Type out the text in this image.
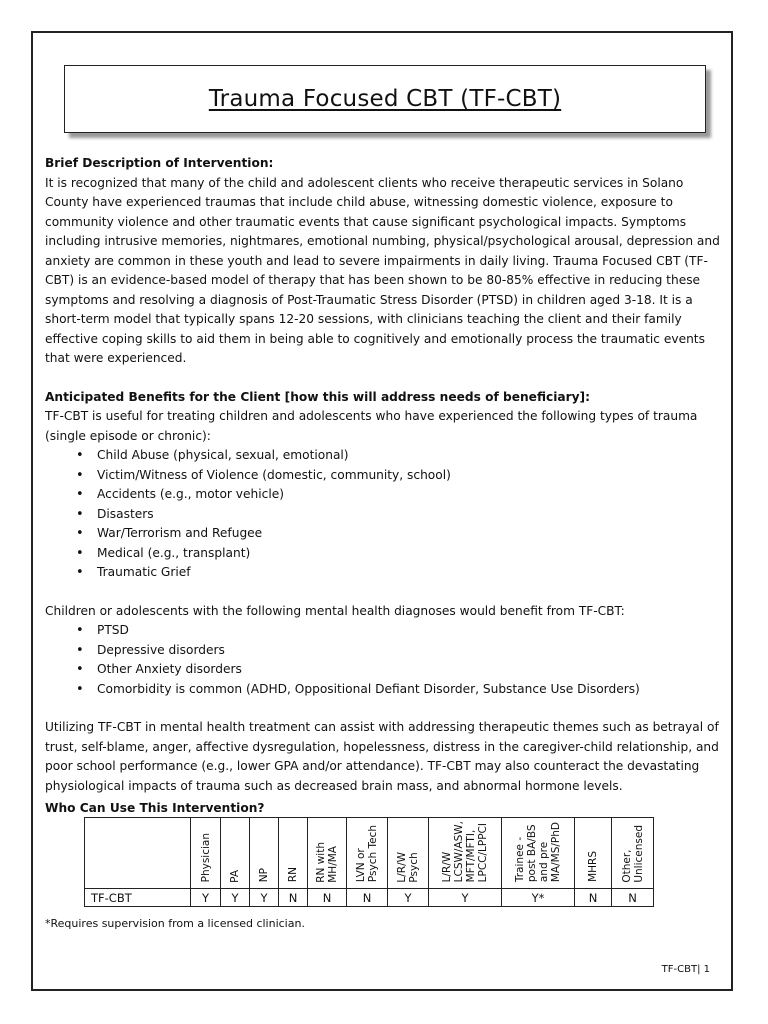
Trauma Focused CBT (TF-CBT)

Brief Description of Intervention:

It is recognized that many of the child and adolescent clients who receive therapeutic services in Solano County have experienced traumas that include child abuse, witnessing domestic violence, exposure to community violence and other traumatic events that cause significant psychological impacts. Symptoms including intrusive memories, nightmares, emotional numbing, physical/psychological arousal, depression and anxiety are common in these youth and lead to severe impairments in daily living. Trauma Focused CBT (TF-CBT) is an evidence-based model of therapy that has been shown to be 80-85% effective in reducing these symptoms and resolving a diagnosis of Post-Traumatic Stress Disorder (PTSD) in children aged 3-18. It is a short-term model that typically spans 12-20 sessions, with clinicians teaching the client and their family effective coping skills to aid them in being able to cognitively and emotionally process the traumatic events that were experienced.

Anticipated Benefits for the Client [how this will address needs of beneficiary]:

TF-CBT is useful for treating children and adolescents who have experienced the following types of trauma (single episode or chronic):

• Child Abuse (physical, sexual, emotional)
• Victim/Witness of Violence (domestic, community, school)
• Accidents (e.g., motor vehicle)
• Disasters
• War/Terrorism and Refugee
• Medical (e.g., transplant)
• Traumatic Grief

Children or adolescents with the following mental health diagnoses would benefit from TF-CBT:

• PTSD
• Depressive disorders
• Other Anxiety disorders
• Comorbidity is common (ADHD, Oppositional Defiant Disorder, Substance Use Disorders)

Utilizing TF-CBT in mental health treatment can assist with addressing therapeutic themes such as betrayal of trust, self-blame, anger, affective dysregulation, hopelessness, distress in the caregiver-child relationship, and poor school performance (e.g., lower GPA and/or attendance). TF-CBT may also counteract the devastating physiological impacts of trauma such as decreased brain mass, and abnormal hormone levels.

Who Can Use This Intervention?
	Physician	PA	NP	RN	RN with
MH/MA	LVN or
Psych Tech	L/R/W
Psych	L/R/W
LCSW/ASW,
MFT/MFTI,
LPCC/LPPCI	Trainee -
post BA/BS
and pre
MA/MS/PhD	MHRS	Other,
Unlicensed
TF-CBT	Y	Y	Y	N	N	N	Y	Y	Y*	N	N
*Requires supervision from a licensed clinician.
TF-CBT| 1
